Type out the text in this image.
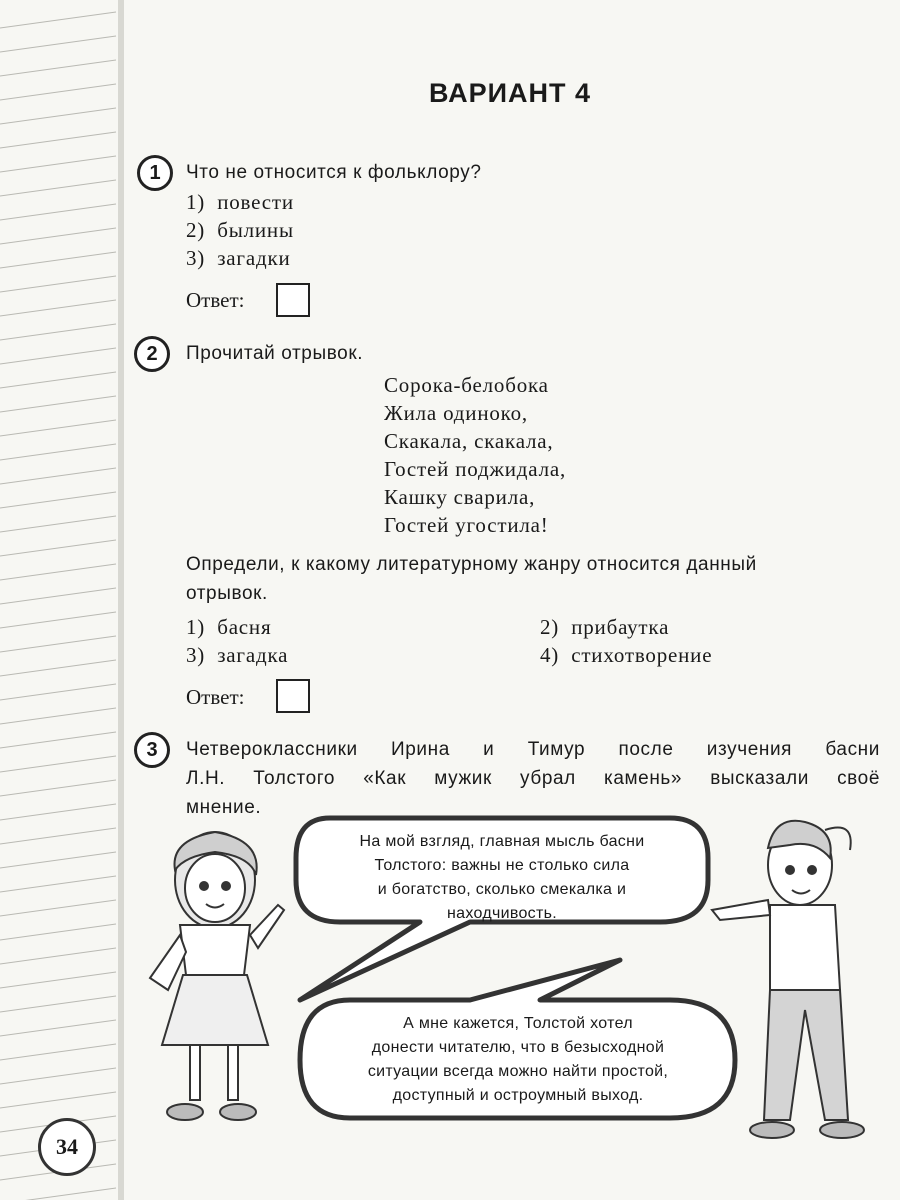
ВАРИАНТ 4
1	Что не относится к фольклору?
1) повести
2) былины
3) загадки
Ответ:
2	Прочитай отрывок.
Сорока-белобока
Жила одиноко,
Скакала, скакала,
Гостей поджидала,
Кашку сварила,
Гостей угостила!
Определи, к какому литературному жанру относится данный
отрывок.
1) басня	2) прибаутка
3) загадка	4) стихотворение
Ответ:
3	Четвероклассники Ирина и Тимур после изучения басни
Л.Н. Толстого «Как мужик убрал камень» высказали своё
мнение.
На мой взгляд, главная мысль басни
Толстого: важны не столько сила
и богатство, сколько смекалка и
находчивость.
А мне кажется, Толстой хотел
донести читателю, что в безысходной
ситуации всегда можно найти простой,
доступный и остроумный выход.
34
